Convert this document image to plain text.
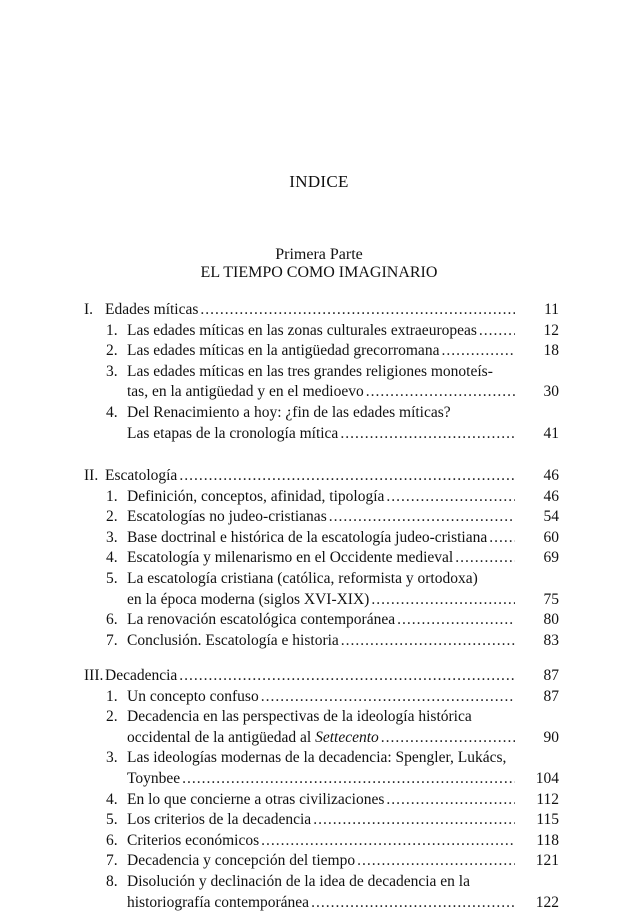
INDICE
Primera Parte
EL TIEMPO COMO IMAGINARIO
I. Edades míticas .....	11
1. Las edades míticas en las zonas culturales extraeuropeas .....	12
2. Las edades míticas en la antigüedad grecorromana .....	18
3. Las edades míticas en las tres grandes religiones monoteís-
tas, en la antigüedad y en el medioevo .....	30
4. Del Renacimiento a hoy: ¿fin de las edades míticas?
Las etapas de la cronología mítica .....	41
II. Escatología .....	46
1. Definición, conceptos, afinidad, tipología .....	46
2. Escatologías no judeo-cristianas .....	54
3. Base doctrinal e histórica de la escatología judeo-cristiana .....	60
4. Escatología y milenarismo en el Occidente medieval .....	69
5. La escatología cristiana (católica, reformista y ortodoxa)
en la época moderna (siglos XVI-XIX) .....	75
6. La renovación escatológica contemporánea .....	80
7. Conclusión. Escatología e historia .....	83
III. Decadencia .....	87
1. Un concepto confuso .....	87
2. Decadencia en las perspectivas de la ideología histórica
occidental de la antigüedad al Settecento .....	90
3. Las ideologías modernas de la decadencia: Spengler, Lukács,
Toynbee .....	104
4. En lo que concierne a otras civilizaciones .....	112
5. Los criterios de la decadencia .....	115
6. Criterios económicos .....	118
7. Decadencia y concepción del tiempo .....	121
8. Disolución y declinación de la idea de decadencia en la
historiografía contemporánea .....	122
